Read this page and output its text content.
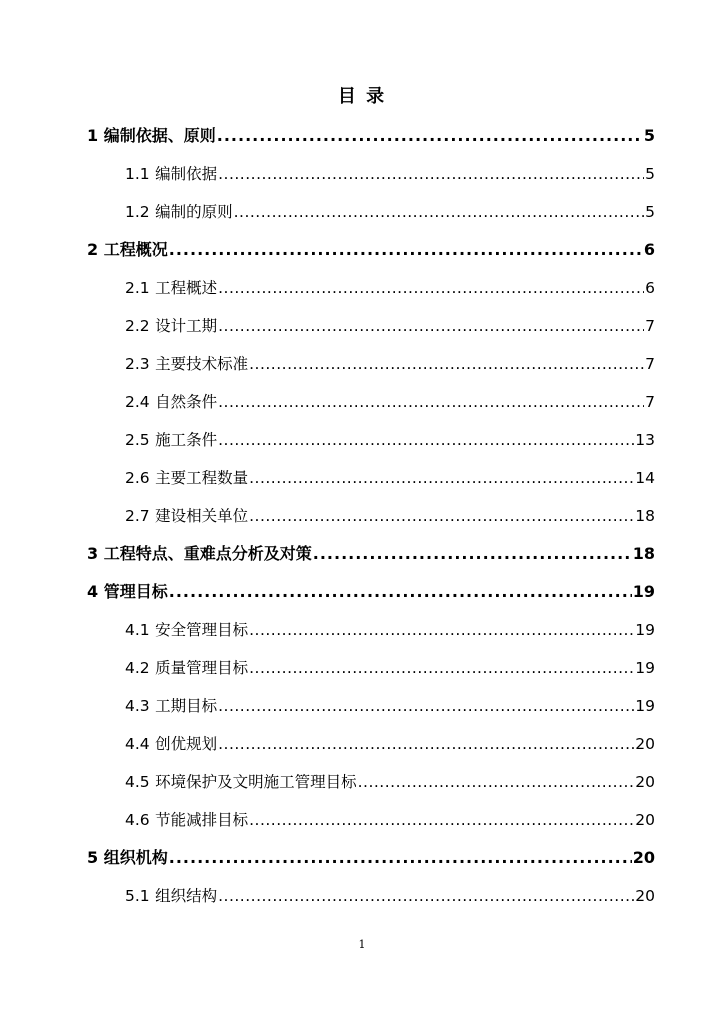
目 录
1 编制依据、原则 .....	5
1.1 编制依据 .....	5
1.2 编制的原则 .....	5
2 工程概况 .....	6
2.1 工程概述 .....	6
2.2 设计工期 .....	7
2.3 主要技术标准 .....	7
2.4 自然条件 .....	7
2.5 施工条件 .....	13
2.6 主要工程数量 .....	14
2.7 建设相关单位 .....	18
3 工程特点、重难点分析及对策 .....	18
4 管理目标 .....	19
4.1 安全管理目标 .....	19
4.2 质量管理目标 .....	19
4.3 工期目标 .....	19
4.4 创优规划 .....	20
4.5 环境保护及文明施工管理目标 .....	20
4.6 节能减排目标 .....	20
5 组织机构 .....	20
5.1 组织结构 .....	20
1
